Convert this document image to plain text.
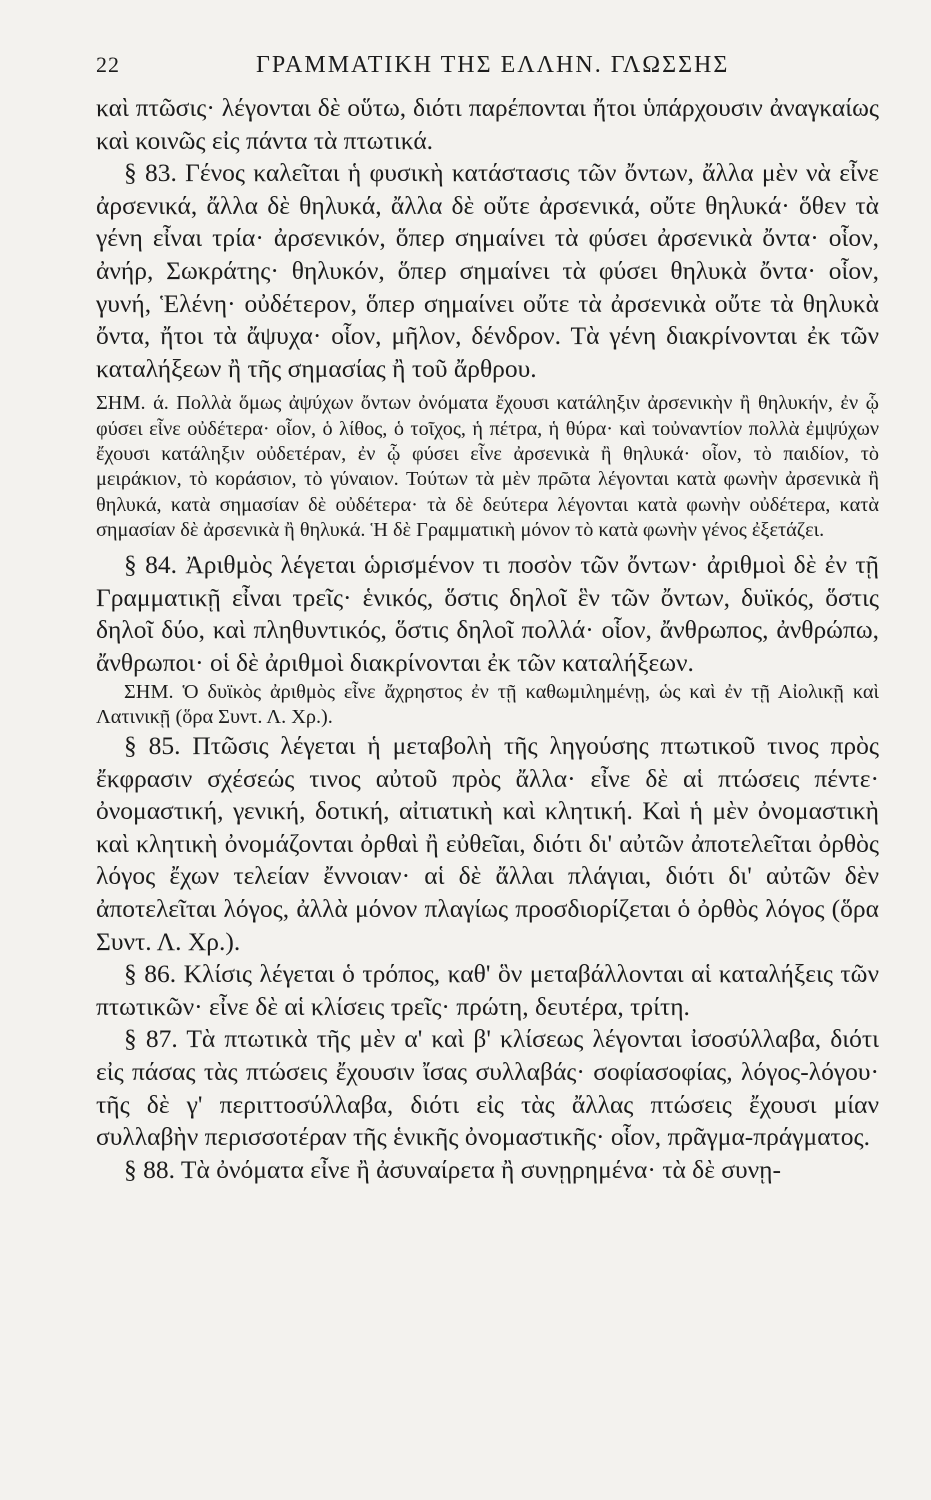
22	ΓΡΑΜΜΑΤΙΚΗ ΤΗΣ ΕΛΛΗΝ. ΓΛΩΣΣΗΣ

καὶ πτῶσις· λέγονται δὲ οὕτω, διότι παρέπονται ἤτοι ὑπάρχουσιν ἀναγκαίως καὶ κοινῶς εἰς πάντα τὰ πτωτικά.

§ 83. Γένος καλεῖται ἡ φυσικὴ κατάστασις τῶν ὄντων, ἄλλα μὲν νὰ εἶνε ἀρσενικά, ἄλλα δὲ θηλυκά, ἄλλα δὲ οὔτε ἀρσενικά, οὔτε θηλυκά· ὅθεν τὰ γένη εἶναι τρία· ἀρσενικόν, ὅπερ σημαίνει τὰ φύσει ἀρσενικὰ ὄντα· οἷον, ἀνήρ, Σωκράτης· θηλυκόν, ὅπερ σημαίνει τὰ φύσει θηλυκὰ ὄντα· οἷον, γυνή, Ἑλένη· οὐδέτερον, ὅπερ σημαίνει οὔτε τὰ ἀρσενικὰ οὔτε τὰ θηλυκὰ ὄντα, ἤτοι τὰ ἄψυχα· οἷον, μῆλον, δένδρον. Τὰ γένη διακρίνονται ἐκ τῶν καταλήξεων ἢ τῆς σημασίας ἢ τοῦ ἄρθρου.

ΣΗΜ. ά. Πολλὰ ὅμως ἀψύχων ὄντων ὀνόματα ἔχουσι κατάληξιν ἀρσενικὴν ἢ θηλυκήν, ἐν ᾧ φύσει εἶνε οὐδέτερα· οἷον, ὁ λίθος, ὁ τοῖχος, ἡ πέτρα, ἡ θύρα· καὶ τοὐναντίον πολλὰ ἐμψύχων ἔχουσι κατάληξιν οὐδετέραν, ἐν ᾧ φύσει εἶνε ἀρσενικὰ ἢ θηλυκά· οἷον, τὸ παιδίον, τὸ μειράκιον, τὸ κοράσιον, τὸ γύναιον. Τούτων τὰ μὲν πρῶτα λέγονται κατὰ φωνὴν ἀρσενικὰ ἢ θηλυκά, κατὰ σημασίαν δὲ οὐδέτερα· τὰ δὲ δεύτερα λέγονται κατὰ φωνὴν οὐδέτερα, κατὰ σημασίαν δὲ ἀρσενικὰ ἢ θηλυκά. Ἡ δὲ Γραμματικὴ μόνον τὸ κατὰ φωνὴν γένος ἐξετάζει.

§ 84. Ἀριθμὸς λέγεται ὡρισμένον τι ποσὸν τῶν ὄντων· ἀριθμοὶ δὲ ἐν τῇ Γραμματικῇ εἶναι τρεῖς· ἑνικός, ὅστις δηλοῖ ἓν τῶν ὄντων, δυϊκός, ὅστις δηλοῖ δύο, καὶ πληθυντικός, ὅστις δηλοῖ πολλά· οἷον, ἄνθρωπος, ἀνθρώπω, ἄνθρωποι· οἱ δὲ ἀριθμοὶ διακρίνονται ἐκ τῶν καταλήξεων.

ΣΗΜ. Ὁ δυϊκὸς ἀριθμὸς εἶνε ἄχρηστος ἐν τῇ καθωμιλημένῃ, ὡς καὶ ἐν τῇ Αἰολικῇ καὶ Λατινικῇ (ὅρα Συντ. Λ. Χρ.).

§ 85. Πτῶσις λέγεται ἡ μεταβολὴ τῆς ληγούσης πτωτικοῦ τινος πρὸς ἔκφρασιν σχέσεώς τινος αὐτοῦ πρὸς ἄλλα· εἶνε δὲ αἱ πτώσεις πέντε· ὀνομαστική, γενική, δοτική, αἰτιατικὴ καὶ κλητική. Καὶ ἡ μὲν ὀνομαστικὴ καὶ κλητικὴ ὀνομάζονται ὀρθαὶ ἢ εὐθεῖαι, διότι δι' αὐτῶν ἀποτελεῖται ὀρθὸς λόγος ἔχων τελείαν ἔννοιαν· αἱ δὲ ἄλλαι πλάγιαι, διότι δι' αὐτῶν δὲν ἀποτελεῖται λόγος, ἀλλὰ μόνον πλαγίως προσδιορίζεται ὁ ὀρθὸς λόγος (ὅρα Συντ. Λ. Χρ.).

§ 86. Κλίσις λέγεται ὁ τρόπος, καθ' ὃν μεταβάλλονται αἱ καταλήξεις τῶν πτωτικῶν· εἶνε δὲ αἱ κλίσεις τρεῖς· πρώτη, δευτέρα, τρίτη.

§ 87. Τὰ πτωτικὰ τῆς μὲν α' καὶ β' κλίσεως λέγονται ἰσοσύλλαβα, διότι εἰς πάσας τὰς πτώσεις ἔχουσιν ἴσας συλλαβάς· σοφίασοφίας, λόγος-λόγου· τῆς δὲ γ' περιττοσύλλαβα, διότι εἰς τὰς ἄλλας πτώσεις ἔχουσι μίαν συλλαβὴν περισσοτέραν τῆς ἑνικῆς ὀνομαστικῆς· οἷον, πρᾶγμα-πράγματος.

§ 88. Τὰ ὀνόματα εἶνε ἢ ἀσυναίρετα ἢ συνῃρημένα· τὰ δὲ συνῃ-
